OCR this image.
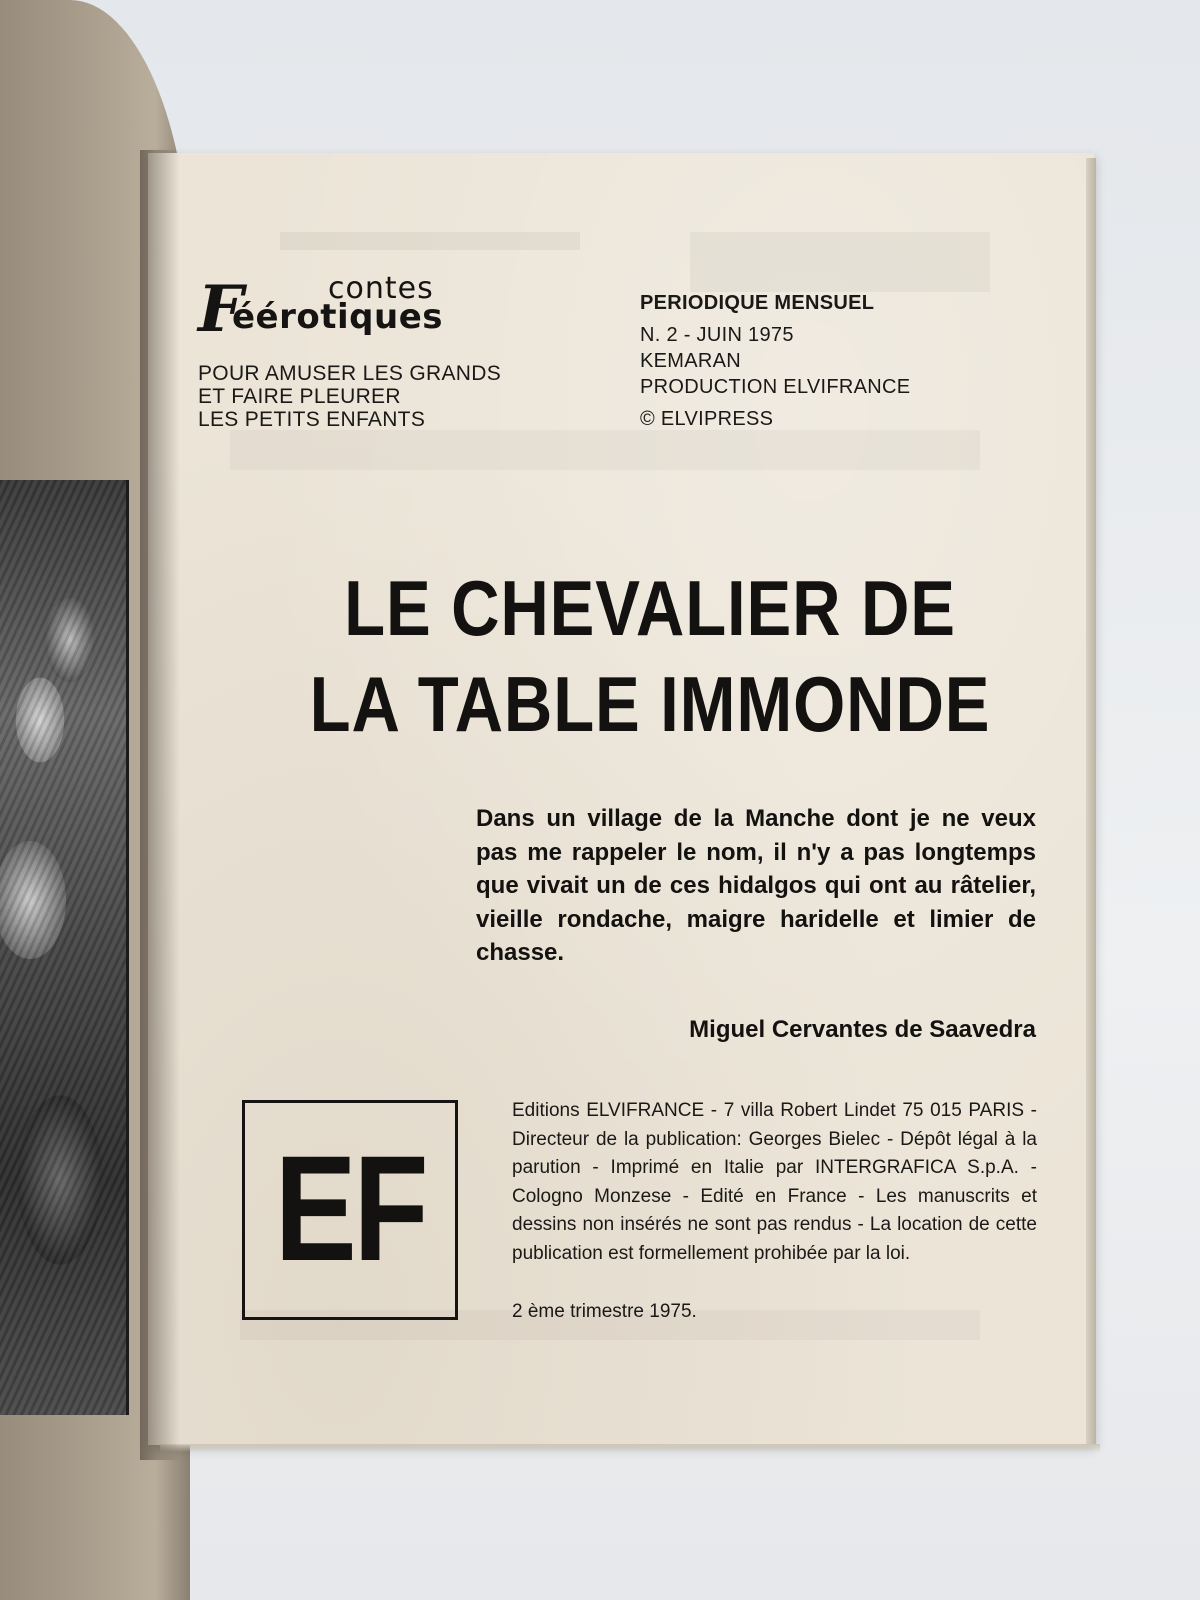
F	contes
éérotiques
POUR AMUSER LES GRANDS
ET FAIRE PLEURER
LES PETITS ENFANTS
PERIODIQUE MENSUEL
N. 2 - JUIN 1975
KEMARAN
PRODUCTION ELVIFRANCE
© ELVIPRESS
LE CHEVALIER DE
LA TABLE IMMONDE
Dans un village de la Manche dont je ne veux pas me rappeler le nom, il n'y a pas longtemps que vivait un de ces hidalgos qui ont au râtelier, vieille rondache, maigre haridelle et limier de chasse.
Miguel Cervantes de Saavedra
EF
Editions ELVIFRANCE - 7 villa Robert Lindet 75 015 PARIS - Directeur de la publication: Georges Bielec - Dépôt légal à la parution - Imprimé en Italie par INTERGRAFICA S.p.A. - Cologno Monzese - Edité en France - Les manuscrits et dessins non insérés ne sont pas rendus - La location de cette publication est formellement prohibée par la loi.
2 ème trimestre 1975.
